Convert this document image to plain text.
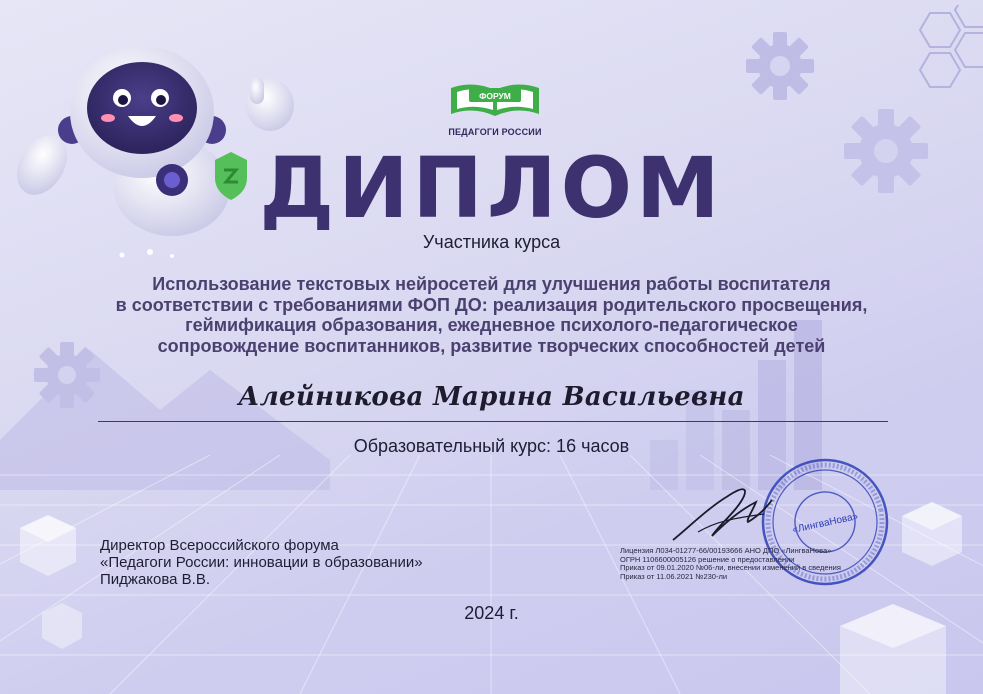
ФОРУМ
ПЕДАГОГИ РОССИИ
ДИПЛОМ
Участника курса
Использование текстовых нейросетей для улучшения работы воспитателя
в соответствии с требованиями ФОП ДО: реализация родительского просвещения,
геймификация образования, ежедневное психолого-педагогическое
сопровождение воспитанников, развитие творческих способностей детей
Алейникова Марина Васильевна
Образовательный курс: 16 часов
Директор Всероссийского форума
«Педагоги России: инновации в образовании»
Пиджакова В.В.
«ЛингваНова»
Лицензия Л034-01277-66/00193666 АНО ДПО «ЛингваНова»
ОГРН 1106600005126 решение о предоставлении
Приказ от 09.01.2020 №06-ли, внесении изменений в сведения
Приказ от 11.06.2021 №230-ли
2024 г.
